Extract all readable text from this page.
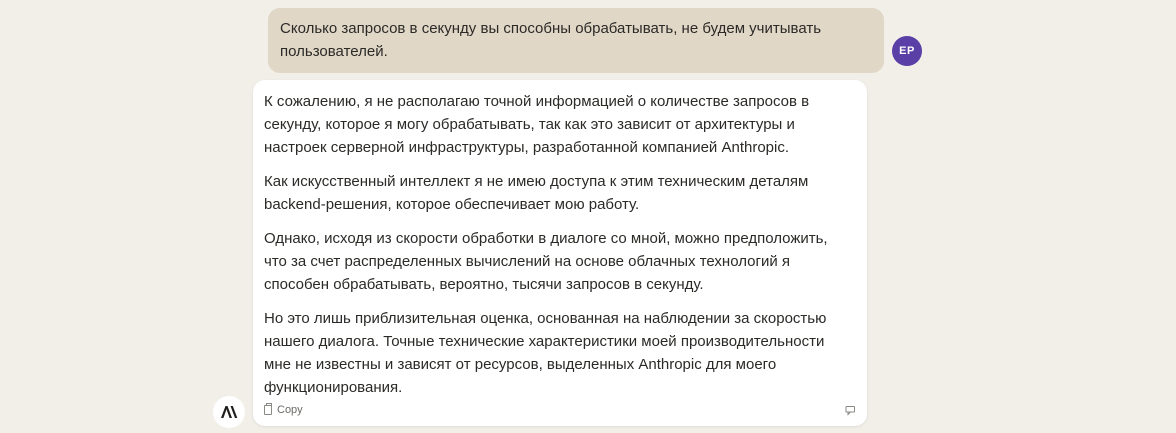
Сколько запросов в секунду вы способны обрабатывать, не будем учитывать пользователей.	EP

К сожалению, я не располагаю точной информацией о количестве запросов в секунду, которое я могу обрабатывать, так как это зависит от архитектуры и настроек серверной инфраструктуры, разработанной компанией Anthropic.

Как искусственный интеллект я не имею доступа к этим техническим деталям backend-решения, которое обеспечивает мою работу.

Однако, исходя из скорости обработки в диалоге со мной, можно предположить, что за счет распределенных вычислений на основе облачных технологий я способен обрабатывать, вероятно, тысячи запросов в секунду.

Но это лишь приблизительная оценка, основанная на наблюдении за скоростью нашего диалога. Точные технические характеристики моей производительности мне не известны и зависят от ресурсов, выделенных Anthropic для моего функционирования.

Copy
